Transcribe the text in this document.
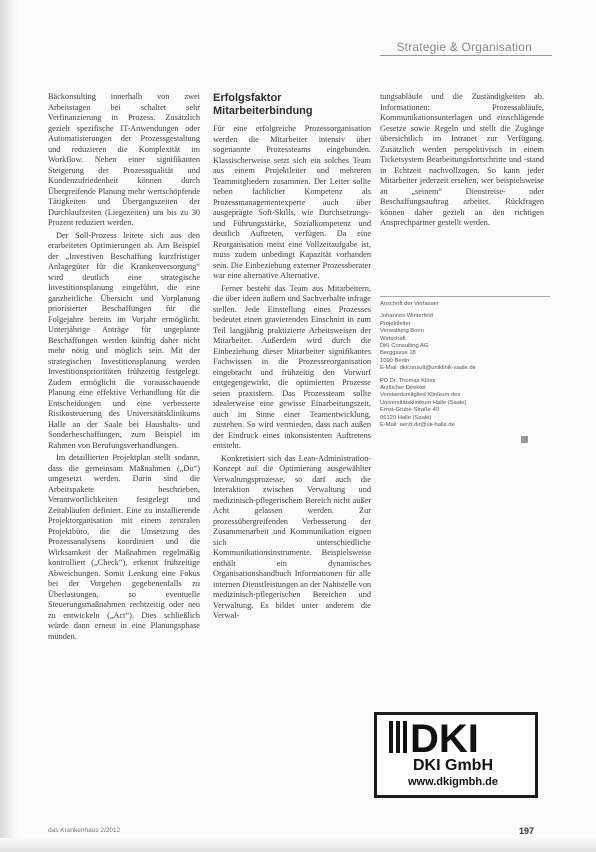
Strategie & Organisation

Bäckonsulting innerhalb von zwei Arbeitstagen bei schaltet sehr Verfinanzierung in Prozess. Zusätzlich gezielt spezifische IT-Anwendungen oder Automatisierungen der Prozessgestaltung und reduzieren die Komplexität im Workflow. Neben einer signifikanten Steigerung der Prozessqualität und Kundenzufriedenheit können durch Übergreifende Planung mehr wertschöpfende Tätigkeiten und Übergangszeiten der Durchlaufzeiten (Liegezeiten) um bis zu 30 Prozent reduziert werden.

Der Soll-Prozess leitete sich aus den erarbeiteten Optimierungen ab. Am Beispiel der „Investiven Beschaffung kurzfristiger Anlagegüter für die Krankenversorgung“ wird deutlich eine strategische Investitionsplanung eingeführt, die eine ganzheitliche Übersicht und Vorplanung priorisierter Beschaffungen für die Folgejahre bereits im Vorjahr ermöglicht. Unterjährige Anträge für ungeplante Beschaffungen werden künftig daher nicht mehr nötig und möglich sein. Mit der strategischen Investitionsplanung werden Investitionsprioritäten frühzeitig festgelegt. Zudem ermöglicht die vorausschauende Planung eine effektive Verhandlung für die Entscheidungen und eine verbesserte Risikosteuerung des Universitätsklinikums Halle an der Saale bei Haushalts- und Sonderbeschaffungen, zum Beispiel im Rahmen von Berufungsverhandlungen.

Im detaillierten Projektplan stellt sodann, dass die gemeinsam Maßnahmen („Do“) umgesetzt werden. Darin sind die Arbeitspakete beschrieben, Verantwortlichkeiten festgelegt und Zeitabläufen definiert. Eine zu installierende Projektorganisation mit einem zentralen Projektbüro, die die Umsetzung des Prozessanalysens koordiniert und die Wirksamkeit der Maßnahmen regelmäßig kontrolliert („Check“), erkennt frühzeitige Abweichungen. Somit Lenkung eine Fokus bei der Vorgehen gegebenenfalls zu Überlastungen, so eventuelle Steuerungsmaßnahmen rechtzeitig oder neu zu entwickeln („Act“). Dies schließlich würde dann erneut in eine Planungsphase münden.

Erfolgsfaktor
Mitarbeiterbindung

Für eine erfolgreiche Prozessorganisation werden die Mitarbeiter intensiv über sogenannte Prozessteams eingebunden. Klassischerweise setzt sich ein solches Team aus einem Projektleiter und mehreren Teammitgliedern zusammen. Der Leiter sollte neben fachlicher Kompetenz als Prozessmanagementexperte auch über ausgeprägte Soft-Skills, wie Durchsetzungs- und Führungsstärke, Sozialkompetenz und deutlich Auftreten, verfügen. Da eine Reorganisation meist eine Vollzeitaufgabe ist, muss zudem unbedingt Kapazität vorhanden sein. Die Einbeziehung externer Prozessberater war eine alternative Alternative.

Ferner besteht das Team aus Mitarbeitern, die über ideen äußern und Sachverhalte infrage stellen. Jede Einstellung eines Prozesses bedeutet einen gravierenden Einschnitt in zum Teil langjährig praktizierte Arbeitsweisen der Mitarbeiter. Außerdem wird durch die Einbeziehung dieser Mitarbeiter signifikantes Fachwissen in die Prozessreorganisation eingebracht und frühzeitig den Vorwurf entgegengewirkt, die optimierten Prozesse seien praxisfern. Das Prozessteam sollte idealerweise eine gewisse Einarbeitungszeit, auch im Sinne einer Teamentwicklung, zustehen. So wird vermieden, dass nach außen der Eindruck eines inkonsistenten Auftretens entsteht.

Konkretisiert sich das Lean-Administration-Konzept auf die Optimierung ausgewählter Verwaltungsprozesse, so darf auch die Interaktion zwischen Verwaltung und medizinisch-pflegerischem Bereich nicht außer Acht gelassen werden. Zur prozessübergreifenden Verbesserung der Zusammenarbeit und Kommunikation eignen sich unterschiedliche Kommunikationsinstrumente. Beispielsweise enthält ein dynamisches Organisationshandbuch Informationen für alle internen Dienstleistungen an der Nahtstelle von medizinisch-pflegerischen Bereichen und Verwaltung. Es bildet unter anderem die Verwal-

tungsabläufe und die Zuständigkeiten ab. Informationen: Prozessabläufe, Kommunikationsunterlagen und einschlägende Gesetze sowie Regeln und stellt die Zugänge übersichtlich im Intranet zur Verfügung. Zusätzlich werden perspektivisch in einem Ticketsystem Bearbeitungsfortschritte und -stand in Echtzeit nachvollzogen. So kann jeder Mitarbeiter jederzeit ersehen, wer beispielsweise an „seinem“ Dienstreise- oder Beschaffungsauftrag arbeitet. Rückfragen können daher gezielt an den richtigen Ansprechpartner gestellt werden.

Anschrift der Verfasser
Johannes Winterfeld
Projektleiter
Verwaltung Bonn
Wirtschaft
DKI Consulting AG
Berggasse 18
1090 Berlin
E-Mail: dkiconsult@uniklinik-saale.de
PD Dr. Thomas Klöss
Ärztlicher Direktor
Vorstandsmitglied Klinikum des
Universitätsklinikum Halle (Saale)
Ernst-Grube-Straße 40
06120 Halle (Saale)
E-Mail: aerzt.dir@uk-halle.de
DKI
DKI GmbH
www.dkigmbh.de
das Krankenhaus 2/2012	197
